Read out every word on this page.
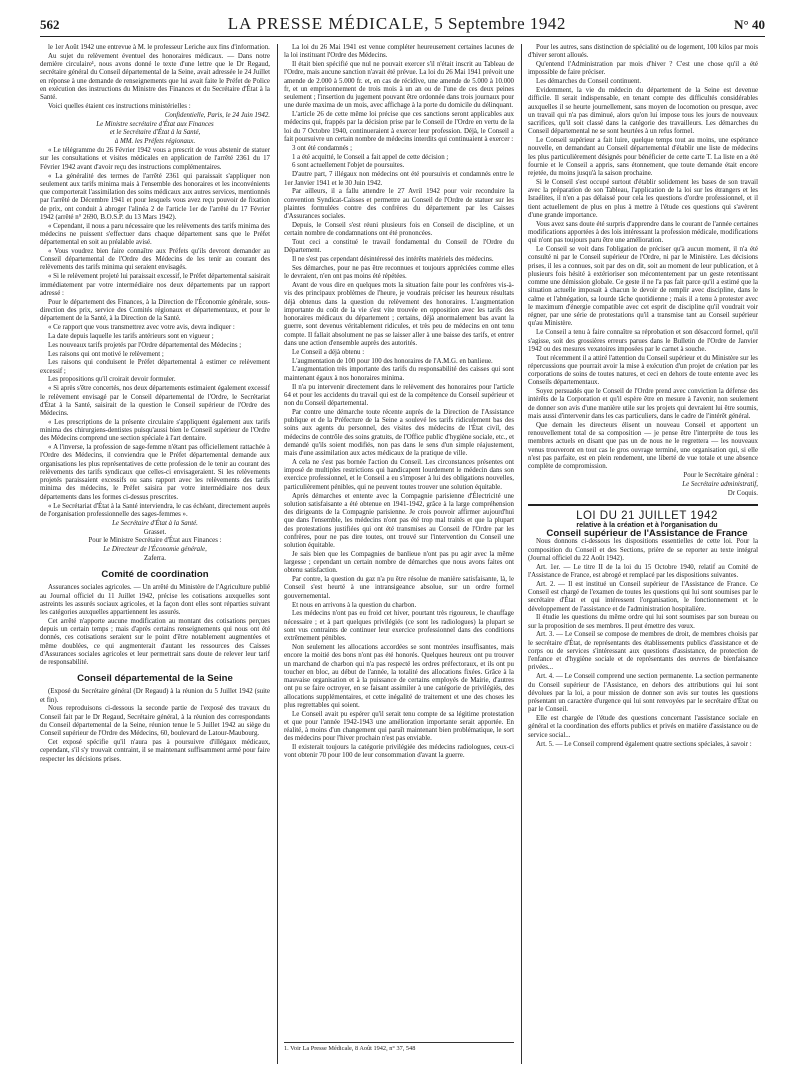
562	LA PRESSE MÉDICALE, 5 Septembre 1942	N° 40

le 1er Août 1942 une entrevue à M. le professeur Leriche aux fins d'information.

Au sujet du relèvement éventuel des honoraires médicaux. — Dans notre dernière circulaire¹, nous avons donné le texte d'une lettre que le Dr Regaud, secrétaire général du Conseil départemental de la Seine, avait adressée le 24 Juillet en réponse à une demande de renseignements que lui avait faite le Préfet de Police en exécution des instructions du Ministre des Finances et du Secrétaire d'État à la Santé.

Voici quelles étaient ces instructions ministérielles :

Confidentielle, Paris, le 24 Juin 1942.

Le Ministre secrétaire d'État aux Finances

et le Secrétaire d'État à la Santé,

à MM. les Préfets régionaux.

« Le télégramme du 26 Février 1942 vous a prescrit de vous abstenir de statuer sur les consultations et visites médicales en application de l'arrêté 2361 du 17 Février 1942 avant d'avoir reçu des instructions complémentaires.

« La généralité des termes de l'arrêté 2361 qui paraissait s'appliquer non seulement aux tarifs minima mais à l'ensemble des honoraires et les inconvénients que comporterait l'assimilation des soins médicaux aux autres services, mentionnés par l'arrêté de Décembre 1941 et pour lesquels vous avez reçu pouvoir de fixation de prix, ont conduit à abroger l'alinéa 2 de l'article 1er de l'arrêté du 17 Février 1942 (arrêté n° 2690, B.O.S.P. du 13 Mars 1942).

« Cependant, il nous a paru nécessaire que les relèvements des tarifs minima des médecins ne puissent s'effectuer dans chaque département sans que le Préfet départemental en soit au préalable avisé.

« Vous voudrez bien faire connaître aux Préfets qu'ils devront demander au Conseil départemental de l'Ordre des Médecins de les tenir au courant des relèvements des tarifs minima qui seraient envisagés.

« Si le relèvement projeté lui paraissait excessif, le Préfet départemental saisirait immédiatement par votre intermédiaire nos deux départements par un rapport adressé :

Pour le département des Finances, à la Direction de l'Économie générale, sous-direction des prix, service des Comités régionaux et départementaux, et pour le département de la Santé, à la Direction de la Santé.

« Ce rapport que vous transmettrez avec votre avis, devra indiquer :

La date depuis laquelle les tarifs antérieurs sont en vigueur ;

Les nouveaux tarifs projetés par l'Ordre départemental des Médecins ;

Les raisons qui ont motivé le relèvement ;

Les raisons qui conduisent le Préfet départemental à estimer ce relèvement excessif ;

Les propositions qu'il croirait devoir formuler.

« Si après s'être concertés, nos deux départements estimaient également excessif le relèvement envisagé par le Conseil départemental de l'Ordre, le Secrétariat d'État à la Santé, saisirait de la question le Conseil supérieur de l'Ordre des Médecins.

« Les prescriptions de la présente circulaire s'appliquent également aux tarifs minima des chirurgiens-dentistes puisqu'aussi bien le Conseil supérieur de l'Ordre des Médecins comprend une section spéciale à l'art dentaire.

« A l'inverse, la profession de sage-femme n'étant pas officiellement rattachée à l'Ordre des Médecins, il conviendra que le Préfet départemental demande aux organisations les plus représentatives de cette profession de le tenir au courant des relèvements des tarifs syndicaux que celles-ci envisageraient. Si les relèvements projetés paraissaient excessifs ou sans rapport avec les relèvements des tarifs minima des médecins, le Préfet saisira par votre intermédiaire nos deux départements dans les formes ci-dessus prescrites.

« Le Secrétariat d'État à la Santé interviendra, le cas échéant, directement auprès de l'organisation professionnelle des sages-femmes ».

Le Secrétaire d'État à la Santé.

Grasset.

Pour le Ministre Secrétaire d'État aux Finances :

Le Directeur de l'Économie générale,

Zaferra.

Comité de coordination

Assurances sociales agricoles. — Un arrêté du Ministère de l'Agriculture publié au Journal officiel du 11 Juillet 1942, précise les cotisations auxquelles sont astreints les assurés sociaux agricoles, et la façon dont elles sont réparties suivant les catégories auxquelles appartiennent les assurés.

Cet arrêté n'apporte aucune modification au montant des cotisations perçues depuis un certain temps ; mais d'après certains renseignements qui nous ont été donnés, ces cotisations seraient sur le point d'être notablement augmentées et même doublées, ce qui augmenterait d'autant les ressources des Caisses d'Assurances sociales agricoles et leur permettrait sans doute de relever leur tarif de responsabilité.

Conseil départemental de la Seine

(Exposé du Secrétaire général (Dr Regaud) à la réunion du 5 Juillet 1942 (suite et fin).

Nous reproduisons ci-dessous la seconde partie de l'exposé des travaux du Conseil fait par le Dr Regaud, Secrétaire général, à la réunion des correspondants du Conseil départemental de la Seine, réunion tenue le 5 Juillet 1942 au siège du Conseil supérieur de l'Ordre des Médecins, 60, boulevard de Latour-Maubourg.

Cet exposé spécifie qu'il n'aura pas à poursuivre d'illégaux médicaux, cependant, s'il s'y trouvait contraint, il se maintenant suffisamment armé pour faire respecter les décisions prises.

La loi du 26 Mai 1941 est venue compléter heureusement certaines lacunes de la loi instituant l'Ordre des Médecins.

Il était bien spécifié que nul ne pouvait exercer s'il n'était inscrit au Tableau de l'Ordre, mais aucune sanction n'avait été prévue. La loi du 26 Mai 1941 prévoit une amende de 2.000 à 5.000 fr. et, en cas de récidive, une amende de 5.000 à 10.000 fr, et un emprisonnement de trois mois à un an ou de l'une de ces deux peines seulement ; l'insertion du jugement pouvant être ordonnée dans trois journaux pour une durée maxima de un mois, avec affichage à la porte du domicile du délinquant.

L'article 26 de cette même loi précise que ces sanctions seront applicables aux médecins qui, frappés par la décision prise par le Conseil de l'Ordre en vertu de la loi du 7 Octobre 1940, continueraient à exercer leur profession. Déjà, le Conseil a fait poursuivre un certain nombre de médecins interdits qui continuaient à exercer :

3 ont été condamnés ;

1 a été acquitté, le Conseil a fait appel de cette décision ;

6 sont actuellement l'objet de poursuites.

D'autre part, 7 illégaux non médecins ont été poursuivis et condamnés entre le 1er Janvier 1941 et le 30 Juin 1942.

Par ailleurs, il a fallu attendre le 27 Avril 1942 pour voir reconduire la convention Syndicat-Caisses et permettre au Conseil de l'Ordre de statuer sur les plaintes formulées contre des confrères du département par les Caisses d'Assurances sociales.

Depuis, le Conseil s'est réuni plusieurs fois en Conseil de discipline, et un certain nombre de condamnations ont été prononcées.

Tout ceci a constitué le travail fondamental du Conseil de l'Ordre du Département.

Il ne s'est pas cependant désintéressé des intérêts matériels des médecins.

Ses démarches, pour ne pas être reconnues et toujours appréciées comme elles le devraient, n'en ont pas moins été répétées.

Avant de vous dire en quelques mots la situation faite pour les confrères vis-à-vis des principaux problèmes de l'heure, je voudrais préciser les heureux résultats déjà obtenus dans la question du relèvement des honoraires. L'augmentation importante du coût de la vie s'est vite trouvée en opposition avec les tarifs des honoraires médicaux du département ; certains, déjà anormalement bas avant la guerre, sont devenus véritablement ridicules, et très peu de médecins en ont tenu compte. Il fallait absolument ne pas se laisser aller à une baisse des tarifs, et entrer dans une action d'ensemble auprès des autorités.

Le Conseil a déjà obtenu :

L'augmentation de 100 pour 100 des honoraires de l'A.M.G. en banlieue.

L'augmentation très importante des tarifs du responsabilité des caisses qui sont maintenant égaux à nos honoraires minima.

Il n'a pu intervenir directement dans le relèvement des honoraires pour l'article 64 et pour les accidents du travail qui est de la compétence du Conseil supérieur et non du Conseil départemental.

Par contre une démarche toute récente auprès de la Direction de l'Assistance publique et de la Préfecture de la Seine a soulevé les tarifs ridiculement bas des soins aux agents du personnel, des visites des médecins de l'État civil, des médecins de contrôle des soins gratuits, de l'Office public d'hygiène sociale, etc., et demandé qu'ils soient modifiés, non pas dans le sens d'un simple réajustement, mais d'une assimilation aux actes médicaux de la pratique de ville.

A cela ne s'est pas bornée l'action du Conseil. Les circonstances présentes ont imposé de multiples restrictions qui handicapent lourdement le médecin dans son exercice professionnel, et le Conseil a eu s'imposer à lui des obligations nouvelles, particulièrement pénibles, qui ne peuvent toutes trouver une solution équitable.

Après démarches et entente avec la Compagnie parisienne d'Électricité une solution satisfaisante a été obtenue en 1941-1942, grâce à la large compréhension des dirigeants de la Compagnie parisienne. Je crois pouvoir affirmer aujourd'hui que dans l'ensemble, les médecins n'ont pas été trop mal traités et que la plupart des protestations justifiées qui ont été transmises au Conseil de l'Ordre par les confrères, pour ne pas dire toutes, ont trouvé sur l'intervention du Conseil une solution équitable.

Je sais bien que les Compagnies de banlieue n'ont pas pu agir avec la même largesse ; cependant un certain nombre de démarches que nous avons faites ont obtenu satisfaction.

Par contre, la question du gaz n'a pu être résolue de manière satisfaisante, là, le Conseil s'est heurté à une intransigeance absolue, sur un ordre formel gouvernemental.

Et nous en arrivons à la question du charbon.

Les médecins n'ont pas eu froid cet hiver, pourtant très rigoureux, le chauffage nécessaire ; et à part quelques privilégiés (ce sont les radiologues) la plupart se sont vus contraints de continuer leur exercice professionnel dans des conditions extrêmement pénibles.

Non seulement les allocations accordées se sont montrées insuffisantes, mais encore la moitié des bons n'ont pas été honorés. Quelques heureux ont pu trouver un marchand de charbon qui n'a pas respecté les ordres préfectoraux, et ils ont pu toucher en bloc, au début de l'année, la totalité des allocations fixées. Grâce à la mauvaise organisation et à la puissance de certains employés de Mairie, d'autres ont pu se faire octroyer, en se faisant assimiler à une catégorie de privilégiés, des allocations supplémentaires, et cette inégalité de traitement et une des choses les plus regrettables qui soient.

Le Conseil avait pu espérer qu'il serait tenu compte de sa légitime protestation et que pour l'année 1942-1943 une amélioration importante serait apportée. En réalité, à moins d'un changement qui paraît maintenant bien problématique, le sort des médecins pour l'hiver prochain n'est pas enviable.

Il existerait toujours la catégorie privilégiée des médecins radiologues, ceux-ci vont obtenir 70 pour 100 de leur consommation d'avant la guerre.

1. Voir La Presse Médicale, 8 Août 1942, n° 37, 548

Pour les autres, sans distinction de spécialité ou de logement, 100 kilos par mois d'hiver seront alloués.

Qu'entend l'Administration par mois d'hiver ? C'est une chose qu'il a été impossible de faire préciser.

Les démarches du Conseil continuent.

Evidemment, la vie du médecin du département de la Seine est devenue difficile. Il serait indispensable, en tenant compte des difficultés considérables auxquelles il se heurte journellement, sans moyen de locomotion ou presque, avec un travail qui n'a pas diminué, alors qu'on lui impose tous les jours de nouveaux sacrifices, qu'il soit classé dans la catégorie des travailleurs. Les démarches du Conseil départemental ne se sont heurtées à un refus formel.

Le Conseil supérieur a fait luire, quelque temps tout au moins, une espérance nouvelle, en demandant au Conseil départemental d'établir une liste de médecins les plus particulièrement désignés pour bénéficier de cette carte T. La liste en a été fournie et le Conseil a appris, sans étonnement, que toute demande était encore rejetée, du moins jusqu'à la saison prochaine.

Si le Conseil s'est occupé surtout d'établir solidement les bases de son travail avec la préparation de son Tableau, l'application de la loi sur les étrangers et les Israélites, il n'en a pas délaissé pour cela les questions d'ordre professionnel, et il tient actuellement de plus en plus à mettre à l'étude ces questions qui s'avèrent d'une grande importance.

Vous avez sans doute été surpris d'apprendre dans le courant de l'année certaines modifications apportées à des lois intéressant la profession médicale, modifications qui n'ont pas toujours paru être une amélioration.

Le Conseil se voit dans l'obligation de préciser qu'à aucun moment, il n'a été consulté ni par le Conseil supérieur de l'Ordre, ni par le Ministère. Les décisions prises, il les a connues, soit par des on dit, soit au moment de leur publication, et à plusieurs fois hésité à extérioriser son mécontentement par un geste retentissant comme une démission globale. Ce geste il ne l'a pas fait parce qu'il a estimé que la situation actuelle imposait à chacun le devoir de remplir avec discipline, dans le calme et l'abnégation, sa lourde tâche quotidienne ; mais il a tenu à protester avec le maximum d'énergie compatible avec cet esprit de discipline qu'il voudrait voir régner, par une série de protestations qu'il a transmise tant au Conseil supérieur qu'au Ministère.

Le Conseil a tenu à faire connaître sa réprobation et son désaccord formel, qu'il s'agisse, soit des grossières erreurs parues dans le Bulletin de l'Ordre de Janvier 1942 ou des mesures vexatoires imposées par le carnet à souche.

Tout récemment il a attiré l'attention du Conseil supérieur et du Ministère sur les répercussions que pourrait avoir la mise à exécution d'un projet de création par les corporations de soins de toutes natures, et ceci en dehors de toute entente avec les Conseils départementaux.

Soyez persuadés que le Conseil de l'Ordre prend avec conviction la défense des intérêts de la Corporation et qu'il espère être en mesure à l'avenir, non seulement de donner son avis d'une manière utile sur les projets qui devraient lui être soumis, mais aussi d'intervenir dans les cas particuliers, dans le cadre de l'intérêt général.

Que demain les directeurs élisent un nouveau Conseil et apportent un renouvellement total de sa composition — je pense être l'interprète de tous les membres actuels en disant que pas un de nous ne le regrettera — les nouveaux venus trouveront en tout cas le gros ouvrage terminé, une organisation qui, si elle n'est pas parfaite, est en plein rendement, une liberté de vue totale et une absence complète de compromission.

Pour le Secrétaire général :

Le Secrétaire administratif,

Dr Coquis.

LOI DU 21 JUILLET 1942

relative à la création et à l'organisation du

Conseil supérieur de l'Assistance de France

Nous donnons ci-dessous les dispositions essentielles de cette loi. Pour la composition du Conseil et des Sections, prière de se reporter au texte intégral (Journal officiel du 22 Août 1942).

Art. 1er. — Le titre II de la loi du 15 Octobre 1940, relatif au Comité de l'Assistance de France, est abrogé et remplacé par les dispositions suivantes.

Art. 2. — Il est institué un Conseil supérieur de l'Assistance de France. Ce Conseil est chargé de l'examen de toutes les questions qui lui sont soumises par le secrétaire d'État et qui intéressent l'organisation, le fonctionnement et le développement de l'assistance et de l'administration hospitalière.

Il étudie les questions du même ordre qui lui sont soumises par son bureau ou sur la proposition de ses membres. Il peut émettre des vœux.

Art. 3. — Le Conseil se compose de membres de droit, de membres choisis par le secrétaire d'État, de représentants des établissements publics d'assistance et de corps ou de services s'intéressant aux questions d'assistance, de protection de l'enfance et d'hygiène sociale et de représentants des œuvres de bienfaisance privées...

Art. 4. — Le Conseil comprend une section permanente. La section permanente du Conseil supérieur de l'Assistance, en dehors des attributions qui lui sont dévolues par la loi, a pour mission de donner son avis sur toutes les questions présentant un caractère d'urgence qui lui sont renvoyées par le secrétaire d'État ou par le Conseil.

Elle est chargée de l'étude des questions concernant l'assistance sociale en général et la coordination des efforts publics et privés en matière d'assistance ou de service social...

Art. 5. — Le Conseil comprend également quatre sections spéciales, à savoir :
